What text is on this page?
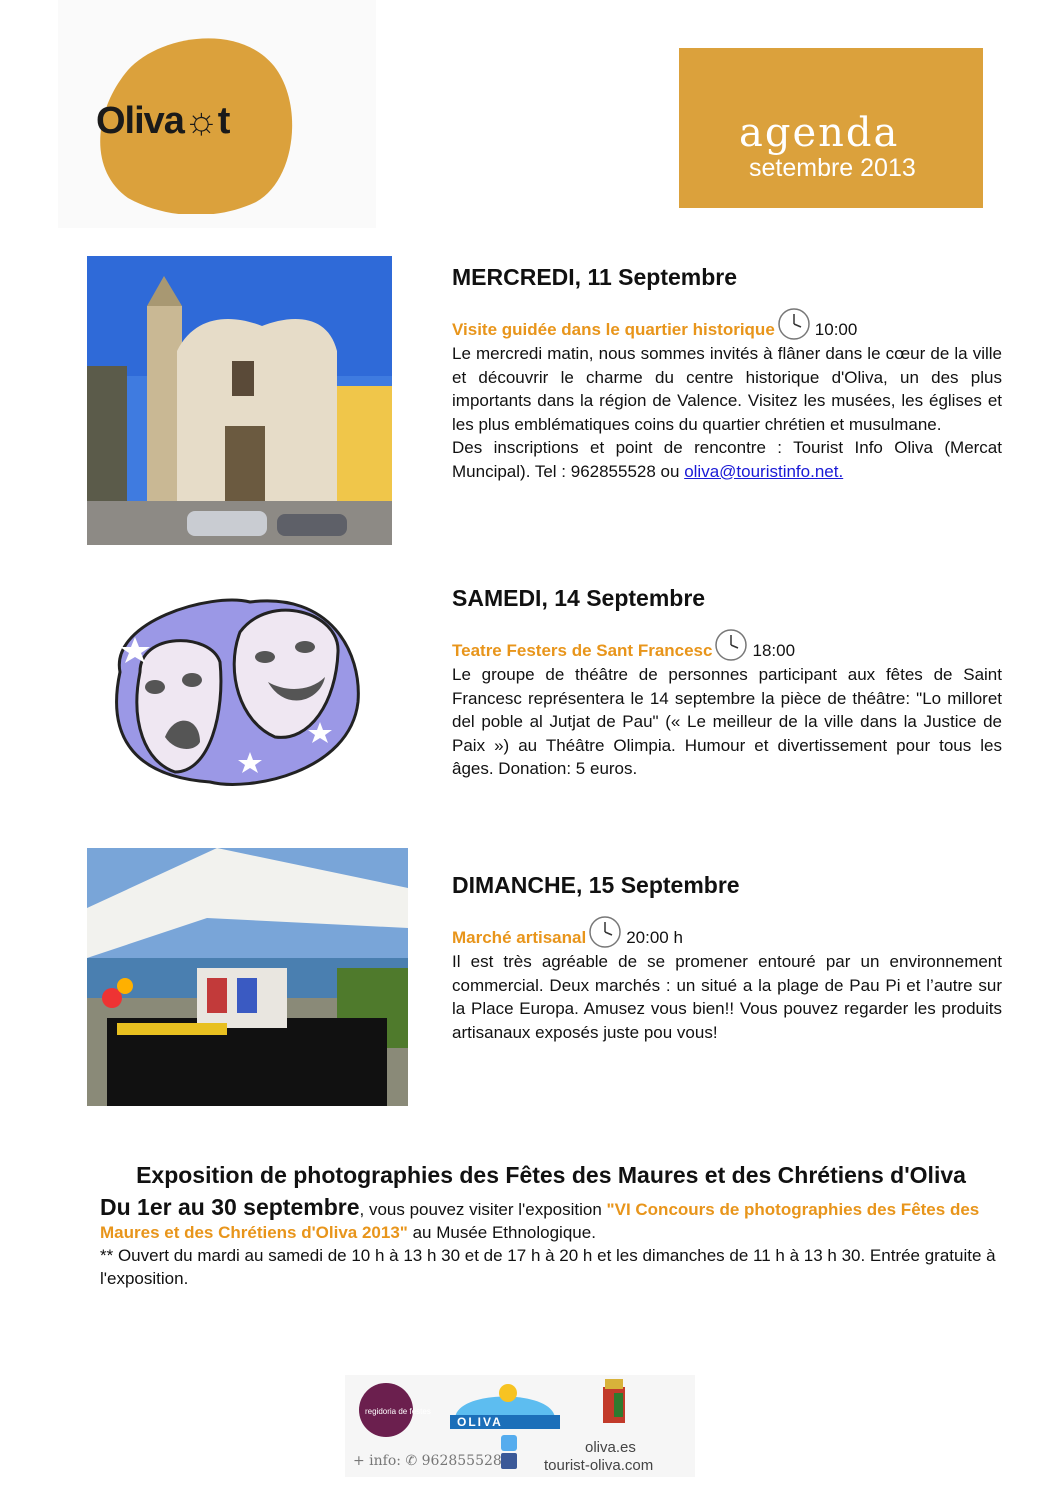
Oliva☼t	agenda
setembre 2013
MERCREDI, 11 Septembre
Visite guidée dans le quartier historique 10:00
Le mercredi matin, nous sommes invités à flâner dans le cœur de la ville et découvrir le charme du centre historique d'Oliva, un des plus importants dans la région de Valence. Visitez les musées, les églises et les plus emblématiques coins du quartier chrétien et musulmane.
Des inscriptions et point de rencontre : Tourist Info Oliva (Mercat Muncipal). Tel : 962855528 ou oliva@touristinfo.net.
SAMEDI, 14 Septembre
Teatre Festers de Sant Francesc 18:00
Le groupe de théâtre de personnes participant aux fêtes de Saint Francesc représentera le 14 septembre la pièce de théâtre: "Lo milloret del poble al Jutjat de Pau" (« Le meilleur de la ville dans la Justice de Paix ») au Théâtre Olimpia. Humour et divertissement pour tous les âges. Donation: 5 euros.
DIMANCHE, 15 Septembre
Marché artisanal 20:00 h
Il est très agréable de se promener entouré par un environnement commercial. Deux marchés : un situé a la plage de Pau Pi et l’autre sur la Place Europa. Amusez vous bien!! Vous pouvez regarder les produits artisanaux exposés juste pou vous!
Exposition de photographies des Fêtes des Maures et des Chrétiens d'Oliva
Du 1er au 30 septembre, vous pouvez visiter l'exposition "VI Concours de photographies des Fêtes des Maures et des Chrétiens d'Oliva 2013" au Musée Ethnologique.
** Ouvert du mardi au samedi de 10 h à 13 h 30 et de 17 h à 20 h et les dimanches de 11 h à 13 h 30. Entrée gratuite à l'exposition.
regidoria de festes
OLIVA
+ info: ✆ 962855528
oliva.es
tourist-oliva.com
